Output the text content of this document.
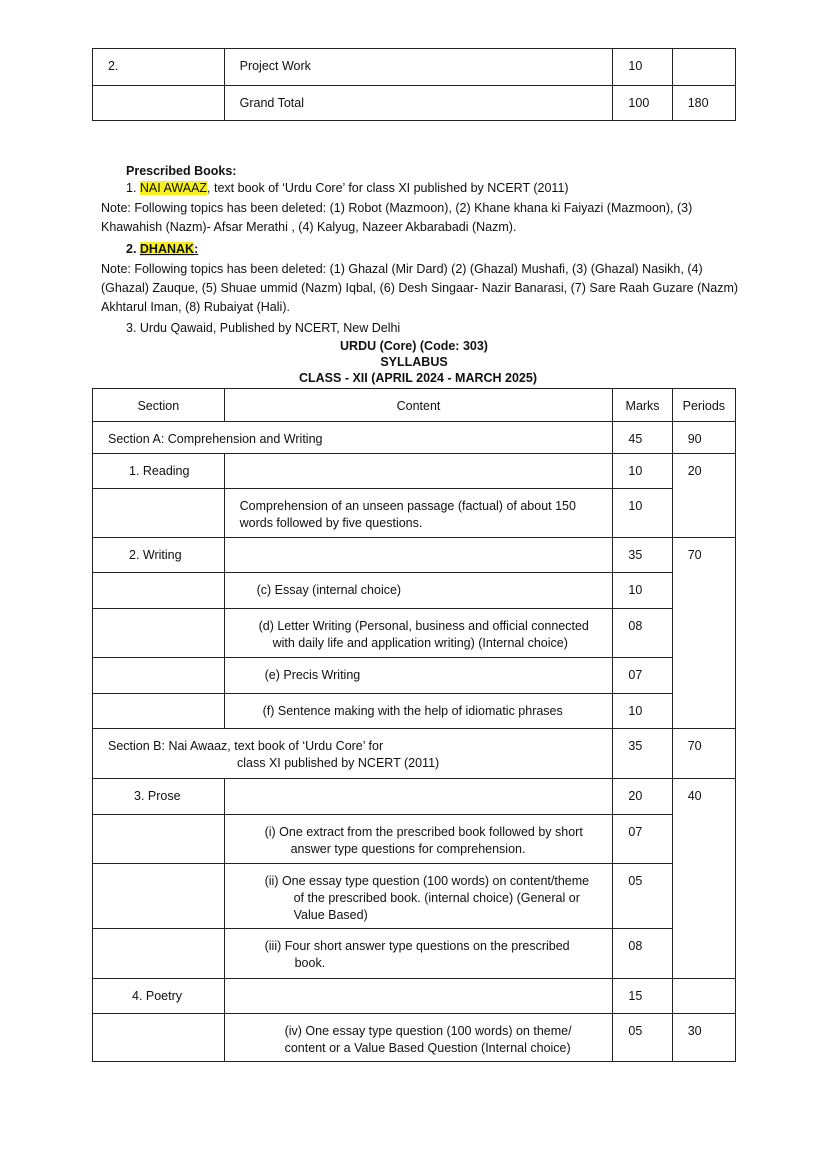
2.	Project Work	10	
	Grand Total	100	180
Prescribed Books:
1. NAI AWAAZ, text book of ‘Urdu Core’ for class XI published by NCERT (2011)
Note: Following topics has been deleted: (1) Robot (Mazmoon), (2) Khane khana ki Faiyazi (Mazmoon), (3)
Khawahish (Nazm)- Afsar Merathi , (4) Kalyug, Nazeer Akbarabadi (Nazm).
2. DHANAK:
Note: Following topics has been deleted: (1) Ghazal (Mir Dard) (2) (Ghazal) Mushafi, (3) (Ghazal) Nasikh, (4)
(Ghazal) Zauque, (5) Shuae ummid (Nazm) Iqbal, (6) Desh Singaar- Nazir Banarasi, (7) Sare Raah Guzare (Nazm)
Akhtarul Iman, (8) Rubaiyat (Hali).
3. Urdu Qawaid, Published by NCERT, New Delhi
URDU (Core) (Code: 303)
SYLLABUS
CLASS - XII (APRIL 2024 - MARCH 2025)
Section	Content	Marks	Periods
Section A: Comprehension and Writing		45	90
1. Reading		10	20

	Comprehension of an unseen passage (factual) of about 150
words followed by five questions.	10	
2. Writing		35	70
	(c) Essay (internal choice)	10	

	(d) Letter Writing (Personal, business and official connected
with daily life and application writing) (Internal choice)	08	
	(e) Precis Writing	07	
	(f) Sentence making with the help of idiomatic phrases	10	

Section B: Nai Awaaz, text book of ‘Urdu Core’ for
class XI published by NCERT (2011)		35	70
3. Prose		20	40

	(i) One extract from the prescribed book followed by short
answer type questions for comprehension.	07	

	(ii) One essay type question (100 words) on content/theme
of the prescribed book. (internal choice) (General or
Value Based)	05	

	(iii) Four short answer type questions on the prescribed
book.	08	
4. Poetry		15	

	(iv) One essay type question (100 words) on theme/
content or a Value Based Question (Internal choice)	05	30
